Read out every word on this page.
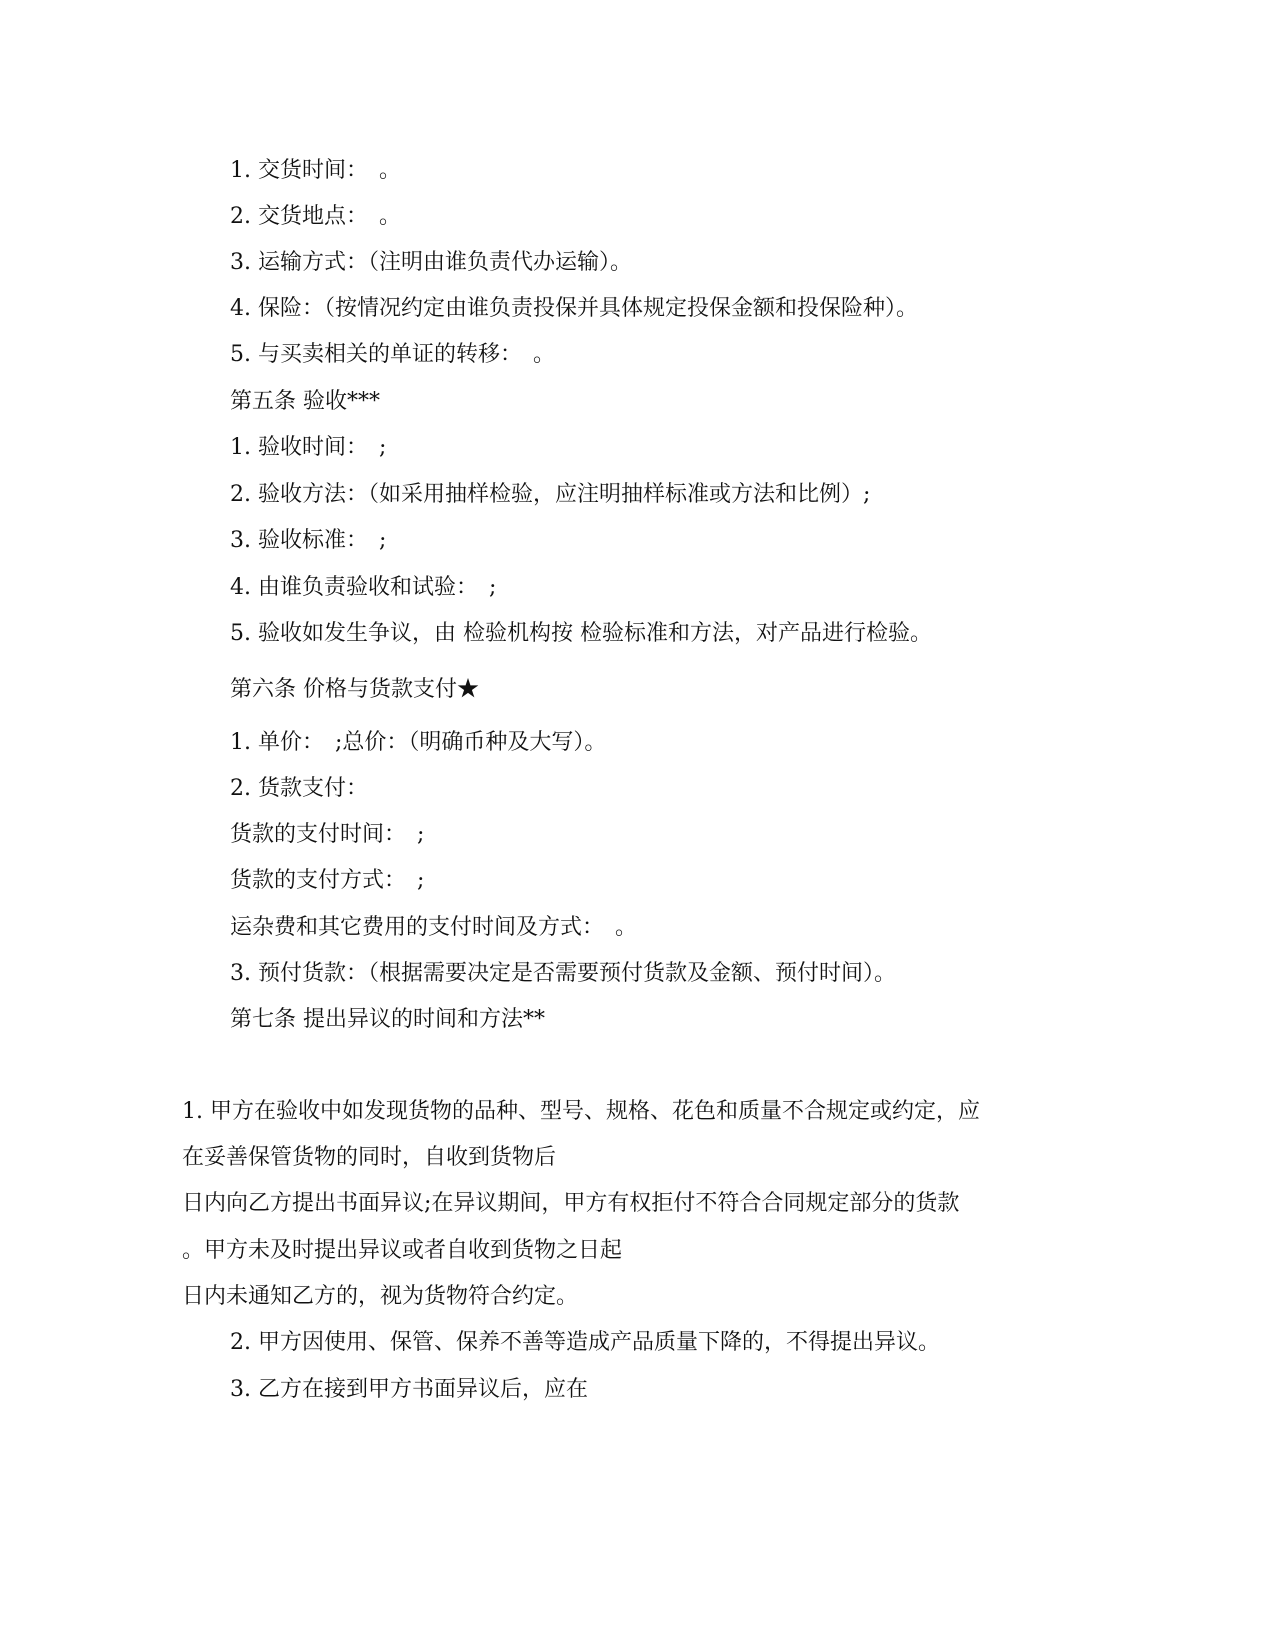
1. 交货时间：　。
2. 交货地点：　。
3. 运输方式：（注明由谁负责代办运输）。
4. 保险：（按情况约定由谁负责投保并具体规定投保金额和投保险种）。
5. 与买卖相关的单证的转移：　。
第五条 验收***
1. 验收时间：　;
2. 验收方法：（如采用抽样检验，应注明抽样标准或方法和比例）;
3. 验收标准：　;
4. 由谁负责验收和试验：　;
5. 验收如发生争议，由 检验机构按 检验标准和方法，对产品进行检验。
第六条 价格与货款支付★
1. 单价：　;总价：（明确币种及大写）。
2. 货款支付：
货款的支付时间：　;
货款的支付方式：　;
运杂费和其它费用的支付时间及方式：　。
3. 预付货款：（根据需要决定是否需要预付货款及金额、预付时间）。
第七条 提出异议的时间和方法**
1. 甲方在验收中如发现货物的品种、型号、规格、花色和质量不合规定或约定，应
在妥善保管货物的同时，自收到货物后
日内向乙方提出书面异议;在异议期间，甲方有权拒付不符合合同规定部分的货款
。甲方未及时提出异议或者自收到货物之日起
日内未通知乙方的，视为货物符合约定。
2. 甲方因使用、保管、保养不善等造成产品质量下降的，不得提出异议。
3. 乙方在接到甲方书面异议后，应在
